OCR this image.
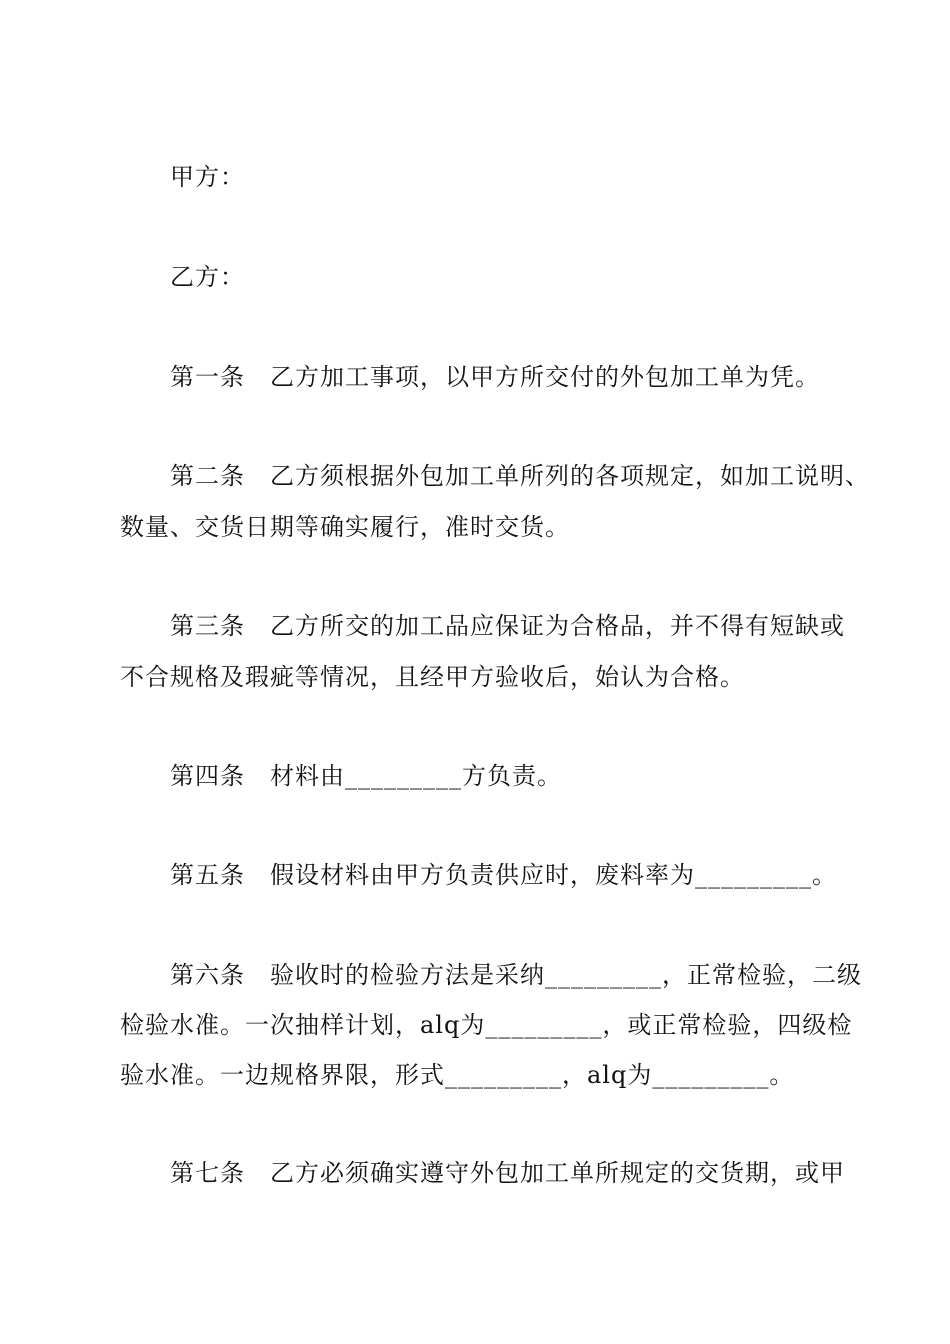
甲方：
乙方：
第一条　乙方加工事项，以甲方所交付的外包加工单为凭。
第二条　乙方须根据外包加工单所列的各项规定，如加工说明、
数量、交货日期等确实履行，准时交货。
第三条　乙方所交的加工品应保证为合格品，并不得有短缺或
不合规格及瑕疵等情况，且经甲方验收后，始认为合格。
第四条　材料由_________方负责。
第五条　假设材料由甲方负责供应时，废料率为_________。
第六条　验收时的检验方法是采纳_________，正常检验，二级
检验水准。一次抽样计划，alq为_________，或正常检验，四级检
验水准。一边规格界限，形式_________，alq为_________。
第七条　乙方必须确实遵守外包加工单所规定的交货期，或甲
